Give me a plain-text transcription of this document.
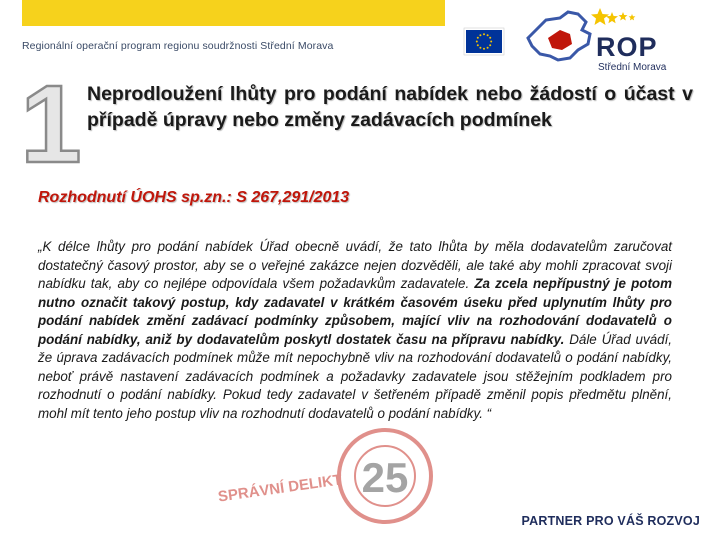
Regionální operační program regionu soudržnosti Střední Morava	ROP
Střední Morava
1 Neprodloužení lhůty pro podání nabídek nebo žádostí o účast v případě úpravy nebo změny zadávacích podmínek
Rozhodnutí ÚOHS sp.zn.: S 267,291/2013
„K délce lhůty pro podání nabídek Úřad obecně uvádí, že tato lhůta by měla dodavatelům zaručovat dostatečný časový prostor, aby se o veřejné zakázce nejen dozvěděli, ale také aby mohli zpracovat svoji nabídku tak, aby co nejlépe odpovídala všem požadavkům zadavatele. Za zcela nepřípustný je potom nutno označit takový postup, kdy zadavatel v krátkém časovém úseku před uplynutím lhůty pro podání nabídek změní zadávací podmínky způsobem, mající vliv na rozhodování dodavatelů o podání nabídky, aniž by dodavatelům poskytl dostatek času na přípravu nabídky. Dále Úřad uvádí, že úprava zadávacích podmínek může mít nepochybně vliv na rozhodování dodavatelů o podání nabídky, neboť právě nastavení zadávacích podmínek a požadavky zadavatele jsou stěžejním podkladem pro rozhodnutí o podání nabídky. Pokud tedy zadavatel v šetřeném případě změnil popis předmětu plnění, mohl mít tento jeho postup vliv na rozhodnutí dodavatelů o podání nabídky. “
SPRÁVNÍ DELIKT 25
PARTNER PRO VÁŠ ROZVOJ
